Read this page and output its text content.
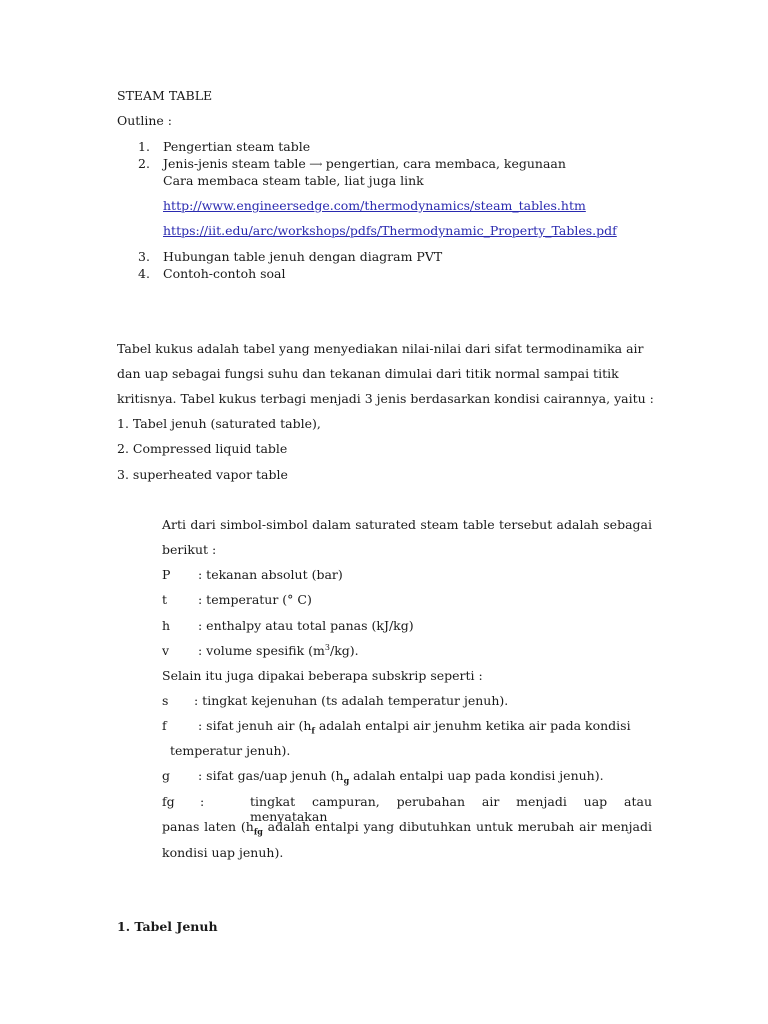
STEAM TABLE
Outline :
1. Pengertian steam table
2. Jenis-jenis steam table ⟶ pengertian, cara membaca, kegunaan
Cara membaca steam table, liat juga link
http://www.engineersedge.com/thermodynamics/steam_tables.htm
https://iit.edu/arc/workshops/pdfs/Thermodynamic_Property_Tables.pdf
3. Hubungan table jenuh dengan diagram PVT
4. Contoh-contoh soal
Tabel kukus adalah tabel yang menyediakan nilai-nilai dari sifat termodinamika air
dan uap sebagai fungsi suhu dan tekanan dimulai dari titik normal sampai titik
kritisnya. Tabel kukus terbagi menjadi 3 jenis berdasarkan kondisi cairannya, yaitu :
1. Tabel jenuh (saturated table),
2. Compressed liquid table
3. superheated vapor table
Arti dari simbol-simbol dalam saturated steam table tersebut adalah sebagai
berikut :
P : tekanan absolut (bar)
t : temperatur (° C)
h : enthalpy atau total panas (kJ/kg)
v : volume spesifik $(m^3/kg)$.
Selain itu juga dipakai beberapa subskrip seperti :
s : tingkat kejenuhan (ts adalah temperatur jenuh).
f	: sifat jenuh air ($h_f$ adalah entalpi air jenuhm ketika air pada kondisi
temperatur jenuh).
g : sifat gas/uap jenuh ($h_g$ adalah entalpi uap pada kondisi jenuh).
fg :	tingkat campuran, perubahan air menjadi uap atau menyatakan
panas laten ($h_{fg}$ adalah entalpi yang dibutuhkan untuk merubah air menjadi
kondisi uap jenuh).
1. Tabel Jenuh
